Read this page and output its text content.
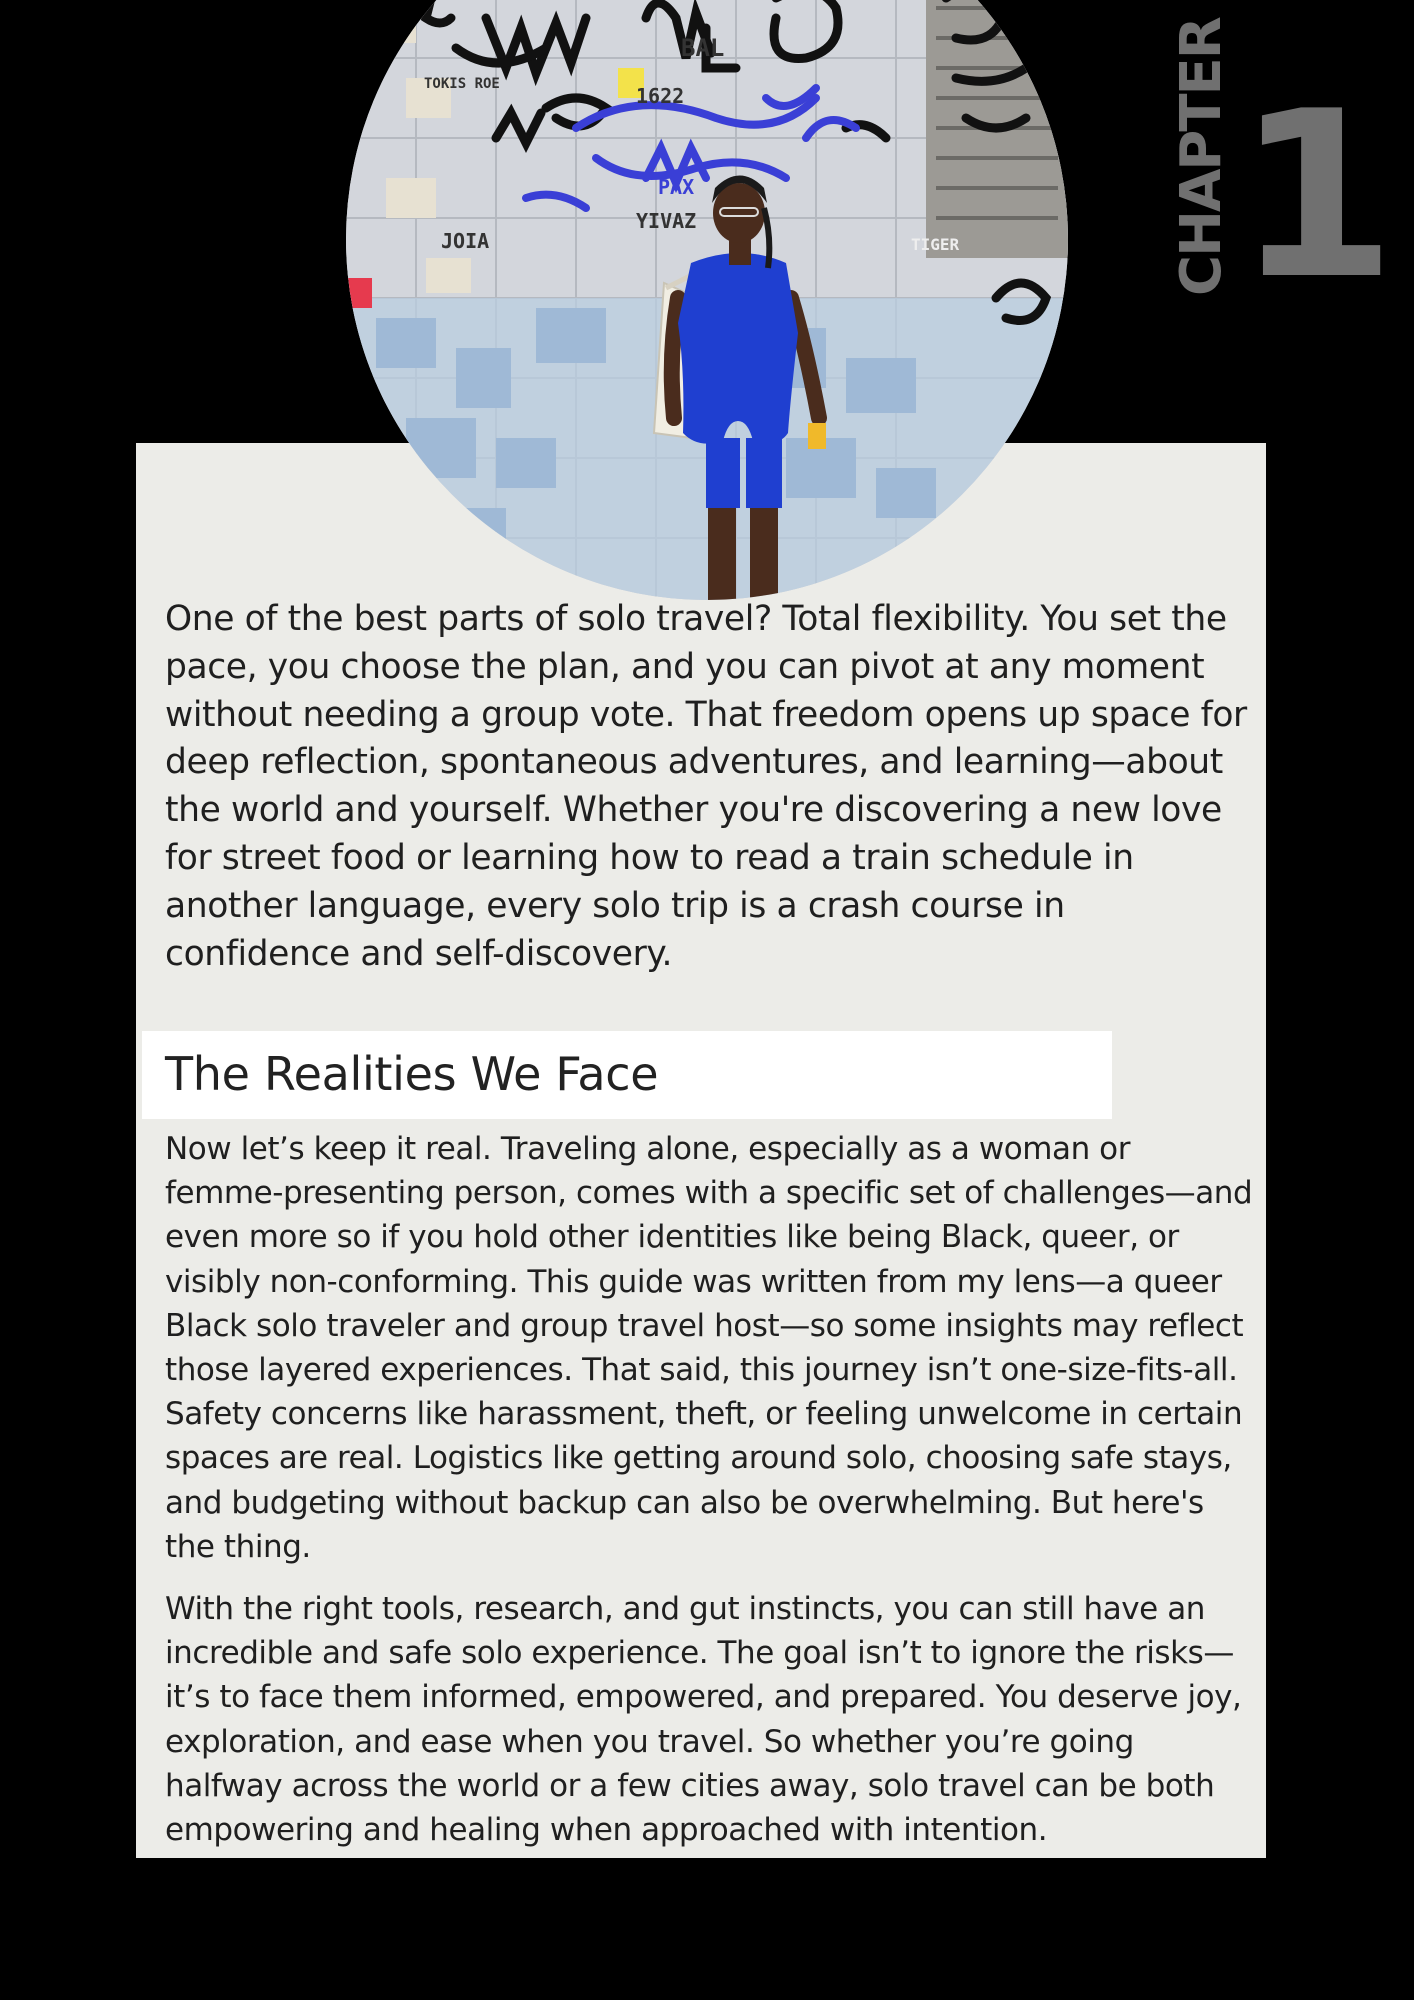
1622
YIVAZ
PAX
JOIA
TOKIS ROE
TIGER
BAL	CHAPTER 1

One of the best parts of solo travel? Total flexibility. You set the pace, you choose the plan, and you can pivot at any moment without needing a group vote. That freedom opens up space for deep reflection, spontaneous adventures, and learning—about the world and yourself. Whether you're discovering a new love for street food or learning how to read a train schedule in another language, every solo trip is a crash course in confidence and self-discovery.

The Realities We Face

Now let’s keep it real. Traveling alone, especially as a woman or femme-presenting person, comes with a specific set of challenges—and even more so if you hold other identities like being Black, queer, or visibly non-conforming. This guide was written from my lens—a queer Black solo traveler and group travel host—so some insights may reflect those layered experiences. That said, this journey isn’t one-size-fits-all. Safety concerns like harassment, theft, or feeling unwelcome in certain spaces are real. Logistics like getting around solo, choosing safe stays, and budgeting without backup can also be overwhelming. But here's the thing.

With the right tools, research, and gut instincts, you can still have an incredible and safe solo experience. The goal isn’t to ignore the risks—it’s to face them informed, empowered, and prepared. You deserve joy, exploration, and ease when you travel. So whether you’re going halfway across the world or a few cities away, solo travel can be both empowering and healing when approached with intention.
